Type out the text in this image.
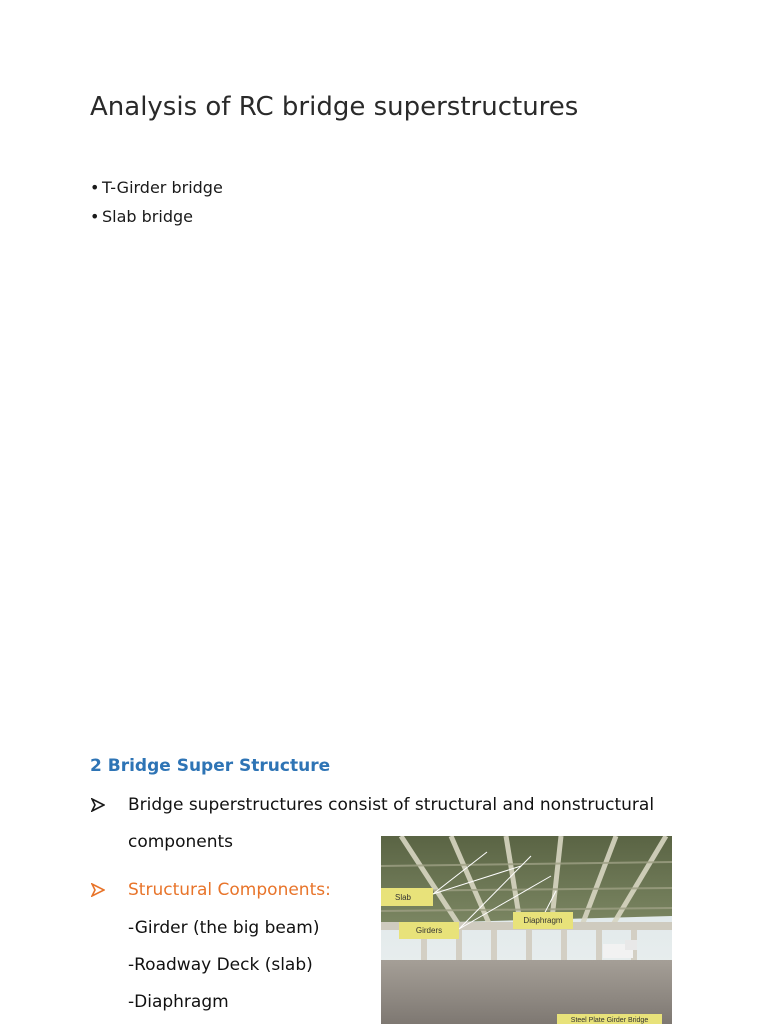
Analysis of RC bridge superstructures
• T-Girder bridge
• Slab bridge
2 Bridge Super Structure
Bridge superstructures consist of structural and nonstructural
components
Structural Components:
-Girder (the big beam)
-Roadway Deck (slab)
-Diaphragm
Slab
Girders
Diaphragm
Steel Plate Girder Bridge
